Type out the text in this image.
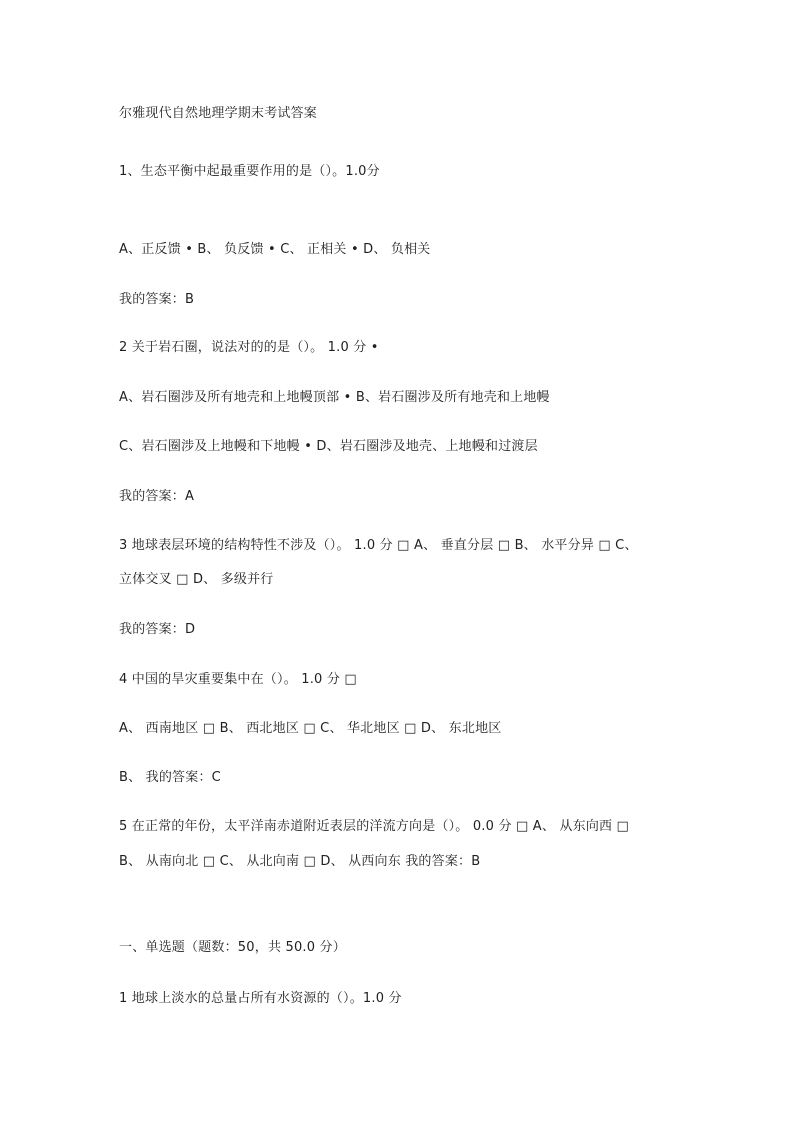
尔雅现代自然地理学期末考试答案
1、生态平衡中起最重要作用的是（）。1.0分
A、正反馈 • B、 负反馈 • C、 正相关 • D、 负相关
我的答案：B
2 关于岩石圈，说法对的的是（）。 1.0 分 •
A、岩石圈涉及所有地壳和上地幔顶部 • B、岩石圈涉及所有地壳和上地幔
C、岩石圈涉及上地幔和下地幔 • D、岩石圈涉及地壳、上地幔和过渡层
我的答案：A
3 地球表层环境的结构特性不涉及（）。 1.0 分 □ A、 垂直分层 □ B、 水平分异 □ C、
立体交叉 □ D、 多级并行
我的答案：D
4 中国的旱灾重要集中在（）。 1.0 分 □
A、 西南地区 □ B、 西北地区 □ C、 华北地区 □ D、 东北地区
B、 我的答案：C
5 在正常的年份，太平洋南赤道附近表层的洋流方向是（）。 0.0 分 □ A、 从东向西 □
B、 从南向北 □ C、 从北向南 □ D、 从西向东 我的答案：B
一、单选题（题数：50，共 50.0 分）
1 地球上淡水的总量占所有水资源的（）。1.0 分
